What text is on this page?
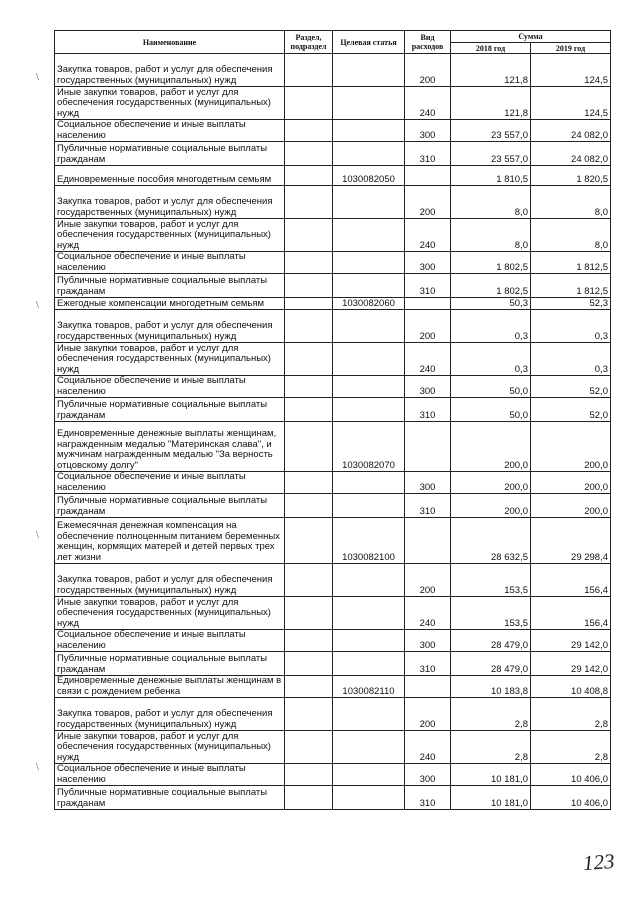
\
\
\
\
Наименование	Раздел, подраздел	Целевая статья	Вид расходов	Сумма	
				2018 год	2019 год
Закупка товаров, работ и услуг для обеспечения государственных (муниципальных) нужд			200	121,8	124,5
Иные закупки товаров, работ и услуг для обеспечения государственных (муниципальных) нужд			240	121,8	124,5
Социальное обеспечение и иные выплаты населению			300	23 557,0	24 082,0
Публичные нормативные социальные выплаты гражданам			310	23 557,0	24 082,0
Единовременные пособия многодетным семьям		1030082050		1 810,5	1 820,5
Закупка товаров, работ и услуг для обеспечения государственных (муниципальных) нужд			200	8,0	8,0
Иные закупки товаров, работ и услуг для обеспечения государственных (муниципальных) нужд			240	8,0	8,0
Социальное обеспечение и иные выплаты населению			300	1 802,5	1 812,5
Публичные нормативные социальные выплаты гражданам			310	1 802,5	1 812,5
Ежегодные компенсации многодетным семьям		1030082060		50,3	52,3
Закупка товаров, работ и услуг для обеспечения государственных (муниципальных) нужд			200	0,3	0,3
Иные закупки товаров, работ и услуг для обеспечения государственных (муниципальных) нужд			240	0,3	0,3
Социальное обеспечение и иные выплаты населению			300	50,0	52,0
Публичные нормативные социальные выплаты гражданам			310	50,0	52,0
Единовременные денежные выплаты женщинам, награжденным медалью "Материнская слава", и мужчинам награжденным медалью "За верность отцовскому долгу"		1030082070		200,0	200,0
Социальное обеспечение и иные выплаты населению			300	200,0	200,0
Публичные нормативные социальные выплаты гражданам			310	200,0	200,0
Ежемесячная денежная компенсация на обеспечение полноценным питанием беременных женщин, кормящих матерей и детей первых трех лет жизни		1030082100		28 632,5	29 298,4
Закупка товаров, работ и услуг для обеспечения государственных (муниципальных) нужд			200	153,5	156,4
Иные закупки товаров, работ и услуг для обеспечения государственных (муниципальных) нужд			240	153,5	156,4
Социальное обеспечение и иные выплаты населению			300	28 479,0	29 142,0
Публичные нормативные социальные выплаты гражданам			310	28 479,0	29 142,0
Единовременные денежные выплаты женщинам в связи с рождением ребенка		1030082110		10 183,8	10 408,8
Закупка товаров, работ и услуг для обеспечения государственных (муниципальных) нужд			200	2,8	2,8
Иные закупки товаров, работ и услуг для обеспечения государственных (муниципальных) нужд			240	2,8	2,8
Социальное обеспечение и иные выплаты населению			300	10 181,0	10 406,0
Публичные нормативные социальные выплаты гражданам			310	10 181,0	10 406,0
123
